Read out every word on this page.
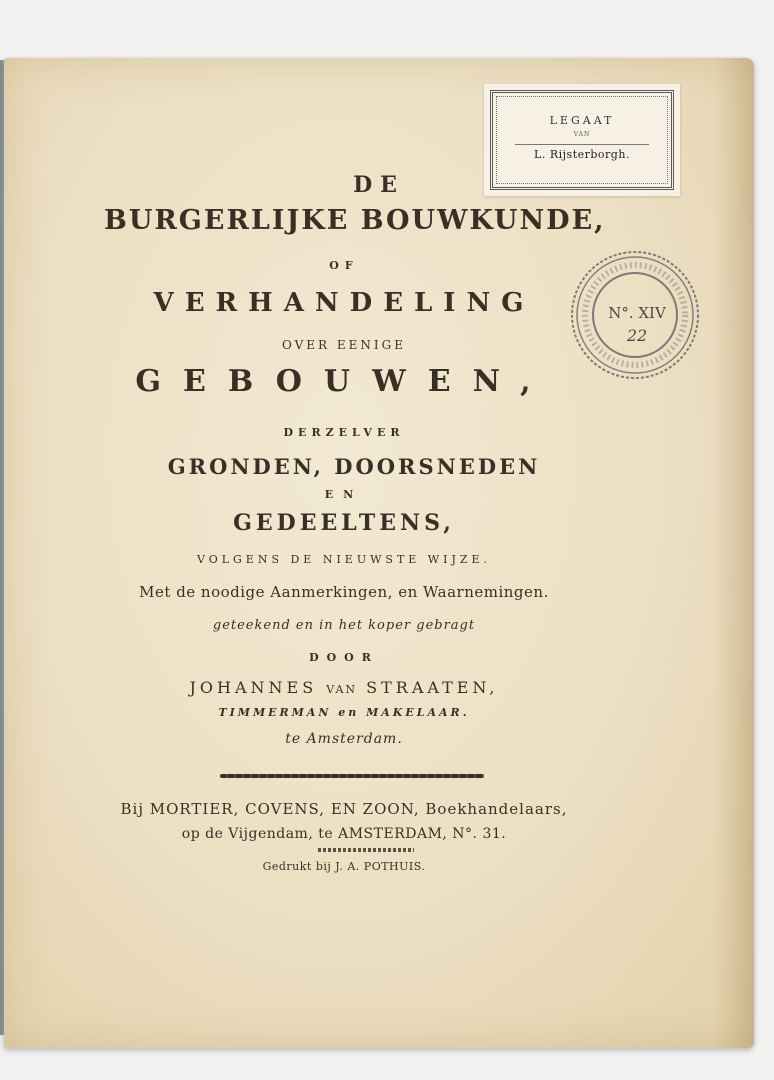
DE
BURGERLIJKE BOUWKUNDE,
OF
VERHANDELING
OVER EENIGE
GEBOUWEN,
DERZELVER
GRONDEN, DOORSNEDEN
EN
GEDEELTENS,
VOLGENS DE NIEUWSTE WIJZE.
Met de noodige Aanmerkingen, en Waarnemingen.
geteekend en in het koper gebragt
DOOR
JOHANNES VAN STRAATEN,
TIMMERMAN en MAKELAAR.
te Amsterdam.
Bij MORTIER, COVENS, EN ZOON, Boekhandelaars,
op de Vijgendam, te AMSTERDAM, N°. 31.
Gedrukt bij J. A. POTHUIS.
LEGAAT
VAN
L. Rijsterborgh.
N°. XIV
22
